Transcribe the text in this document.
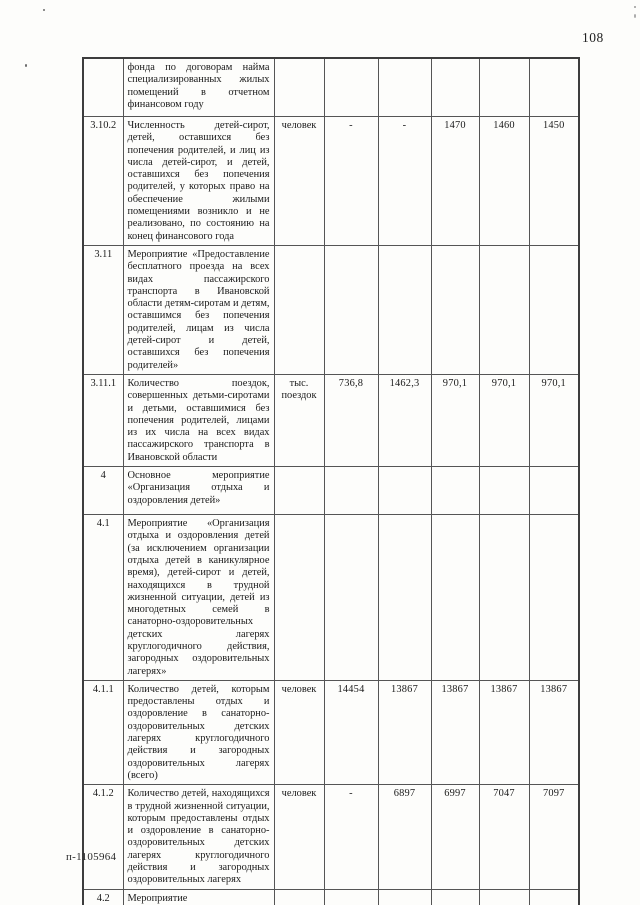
108
	фонда по договорам найма специализированных жилых помещений в отчетном финансовом году						
3.10.2	Численность детей-сирот, детей, оставшихся без попечения родителей, и лиц из числа детей-сирот, и детей, оставшихся без попечения родителей, у которых право на обеспечение жилыми помещениями возникло и не реализовано, по состоянию на конец финансового года	человек	-	-	1470	1460	1450
3.11	Мероприятие «Предоставление бесплатного проезда на всех видах пассажирского транспорта в Ивановской области детям-сиротам и детям, оставшимся без попечения родителей, лицам из числа детей-сирот и детей, оставшихся без попечения родителей»						
3.11.1	Количество поездок, совершенных детьми-сиротами и детьми, оставшимися без попечения родителей, лицами из их числа на всех видах пассажирского транспорта в Ивановской области	тыс. поездок	736,8	1462,3	970,1	970,1	970,1
4	Основное мероприятие «Организация отдыха и оздоровления детей»						
4.1	Мероприятие «Организация отдыха и оздоровления детей (за исключением организации отдыха детей в каникулярное время), детей-сирот и детей, находящихся в трудной жизненной ситуации, детей из многодетных семей в санаторно-оздоровительных детских лагерях круглогодичного действия, загородных оздоровительных лагерях»						
4.1.1	Количество детей, которым предоставлены отдых и оздоровление в санаторно-оздоровительных детских лагерях круглогодичного действия и загородных оздоровительных лагерях (всего)	человек	14454	13867	13867	13867	13867
4.1.2	Количество детей, находящихся в трудной жизненной ситуации, которым предоставлены отдых и оздоровление в санаторно-оздоровительных детских лагерях круглогодичного действия и загородных оздоровительных лагерях	человек	-	6897	6997	7047	7097
4.2	Мероприятие						
п-1105964
